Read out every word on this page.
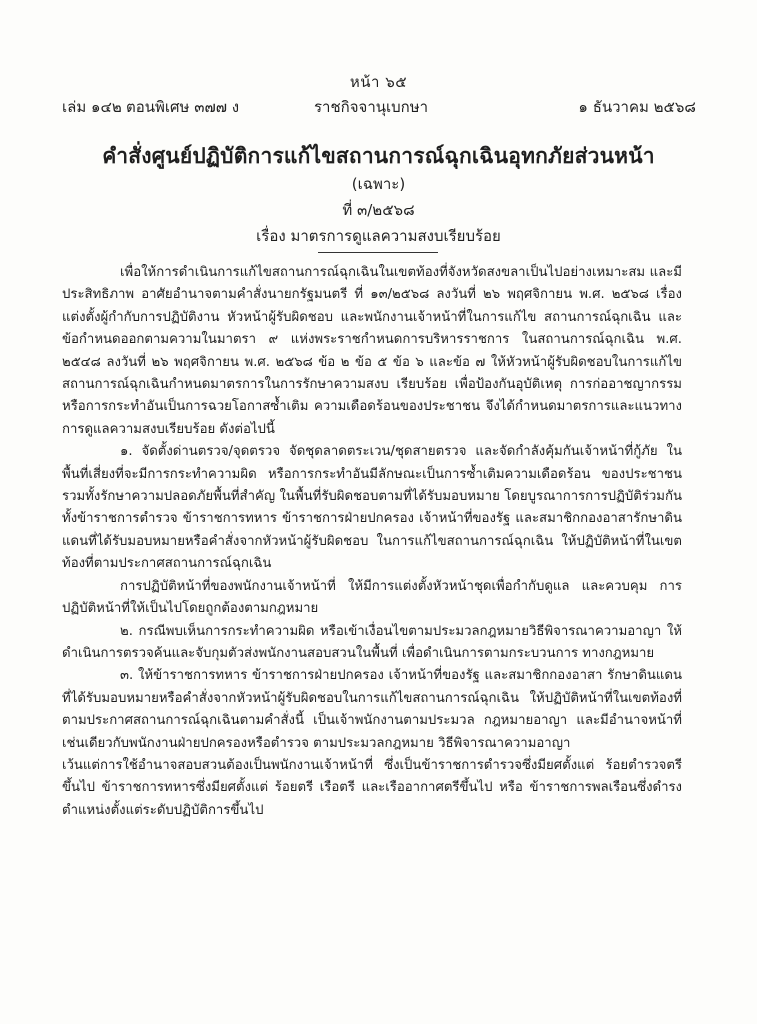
หน้า ๖๕
เล่ม ๑๔๒ ตอนพิเศษ ๓๗๗ ง	ราชกิจจานุเบกษา	๑ ธันวาคม ๒๕๖๘
คำสั่งศูนย์ปฏิบัติการแก้ไขสถานการณ์ฉุกเฉินอุทกภัยส่วนหน้า
(เฉพาะ)
ที่ ๓/๒๕๖๘
เรื่อง มาตรการดูแลความสงบเรียบร้อย

เพื่อให้การดำเนินการแก้ไขสถานการณ์ฉุกเฉินในเขตท้องที่จังหวัดสงขลาเป็นไปอย่างเหมาะสม และมีประสิทธิภาพ อาศัยอำนาจตามคำสั่งนายกรัฐมนตรี ที่ ๑๓/๒๕๖๘ ลงวันที่ ๒๖ พฤศจิกายน พ.ศ. ๒๕๖๘ เรื่อง แต่งตั้งผู้กำกับการปฏิบัติงาน หัวหน้าผู้รับผิดชอบ และพนักงานเจ้าหน้าที่ในการแก้ไข สถานการณ์ฉุกเฉิน และข้อกำหนดออกตามความในมาตรา ๙ แห่งพระราชกำหนดการบริหารราชการ ในสถานการณ์ฉุกเฉิน พ.ศ. ๒๕๔๘ ลงวันที่ ๒๖ พฤศจิกายน พ.ศ. ๒๕๖๘ ข้อ ๒ ข้อ ๕ ข้อ ๖ และข้อ ๗ ให้หัวหน้าผู้รับผิดชอบในการแก้ไขสถานการณ์ฉุกเฉินกำหนดมาตรการในการรักษาความสงบ เรียบร้อย เพื่อป้องกันอุบัติเหตุ การก่ออาชญากรรม หรือการกระทำอันเป็นการฉวยโอกาสซ้ำเติม ความเดือดร้อนของประชาชน จึงได้กำหนดมาตรการและแนวทางการดูแลความสงบเรียบร้อย ดังต่อไปนี้

๑. จัดตั้งด่านตรวจ/จุดตรวจ จัดชุดลาดตระเวน/ชุดสายตรวจ และจัดกำลังคุ้มกันเจ้าหน้าที่กู้ภัย ในพื้นที่เสี่ยงที่จะมีการกระทำความผิด หรือการกระทำอันมีลักษณะเป็นการซ้ำเติมความเดือดร้อน ของประชาชน รวมทั้งรักษาความปลอดภัยพื้นที่สำคัญ ในพื้นที่รับผิดชอบตามที่ได้รับมอบหมาย โดยบูรณาการการปฏิบัติร่วมกันทั้งข้าราชการตำรวจ ข้าราชการทหาร ข้าราชการฝ่ายปกครอง เจ้าหน้าที่ของรัฐ และสมาชิกกองอาสารักษาดินแดนที่ได้รับมอบหมายหรือคำสั่งจากหัวหน้าผู้รับผิดชอบ ในการแก้ไขสถานการณ์ฉุกเฉิน ให้ปฏิบัติหน้าที่ในเขตท้องที่ตามประกาศสถานการณ์ฉุกเฉิน

การปฏิบัติหน้าที่ของพนักงานเจ้าหน้าที่ ให้มีการแต่งตั้งหัวหน้าชุดเพื่อกำกับดูแล และควบคุม การปฏิบัติหน้าที่ให้เป็นไปโดยถูกต้องตามกฎหมาย

๒. กรณีพบเห็นการกระทำความผิด หรือเข้าเงื่อนไขตามประมวลกฎหมายวิธีพิจารณาความอาญา ให้ดำเนินการตรวจค้นและจับกุมตัวส่งพนักงานสอบสวนในพื้นที่ เพื่อดำเนินการตามกระบวนการ ทางกฎหมาย

๓. ให้ข้าราชการทหาร ข้าราชการฝ่ายปกครอง เจ้าหน้าที่ของรัฐ และสมาชิกกองอาสา รักษาดินแดน ที่ได้รับมอบหมายหรือคำสั่งจากหัวหน้าผู้รับผิดชอบในการแก้ไขสถานการณ์ฉุกเฉิน ให้ปฏิบัติหน้าที่ในเขตท้องที่ตามประกาศสถานการณ์ฉุกเฉินตามคำสั่งนี้ เป็นเจ้าพนักงานตามประมวล กฎหมายอาญา และมีอำนาจหน้าที่เช่นเดียวกับพนักงานฝ่ายปกครองหรือตำรวจ ตามประมวลกฎหมาย วิธีพิจารณาความอาญา

เว้นแต่การใช้อำนาจสอบสวนต้องเป็นพนักงานเจ้าหน้าที่ ซึ่งเป็นข้าราชการตำรวจซึ่งมียศตั้งแต่ ร้อยตำรวจตรีขึ้นไป ข้าราชการทหารซึ่งมียศตั้งแต่ ร้อยตรี เรือตรี และเรืออากาศตรีขึ้นไป หรือ ข้าราชการพลเรือนซึ่งดำรงตำแหน่งตั้งแต่ระดับปฏิบัติการขึ้นไป
